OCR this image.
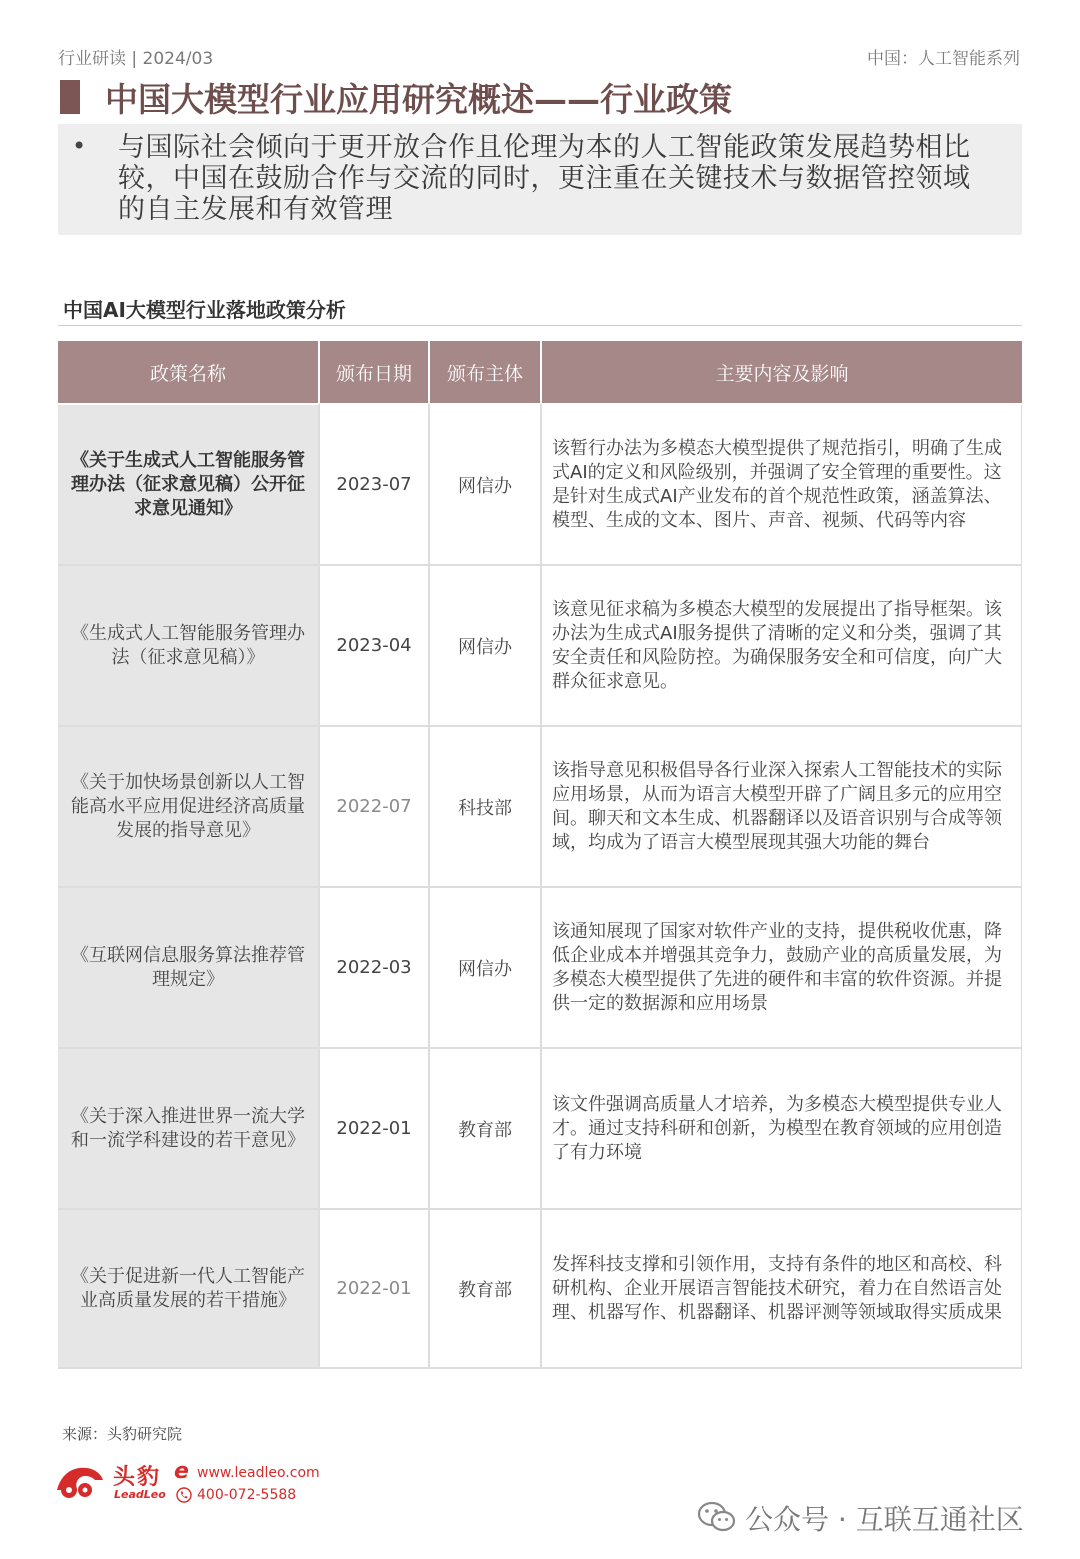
行业研读 | 2024/03	中国：人工智能系列
中国大模型行业应用研究概述——行业政策
• 与国际社会倾向于更开放合作且伦理为本的人工智能政策发展趋势相比较，中国在鼓励合作与交流的同时，更注重在关键技术与数据管控领域的自主发展和有效管理
中国AI大模型行业落地政策分析
政策名称	颁布日期	颁布主体	主要内容及影响
《关于生成式人工智能服务管理办法（征求意见稿）公开征求意见通知》	2023-07	网信办	该暂行办法为多模态大模型提供了规范指引，明确了生成式AI的定义和风险级别，并强调了安全管理的重要性。这是针对生成式AI产业发布的首个规范性政策，涵盖算法、模型、生成的文本、图片、声音、视频、代码等内容
《生成式人工智能服务管理办法（征求意见稿）》	2023-04	网信办	该意见征求稿为多模态大模型的发展提出了指导框架。该办法为生成式AI服务提供了清晰的定义和分类，强调了其安全责任和风险防控。为确保服务安全和可信度，向广大群众征求意见。
《关于加快场景创新以人工智能高水平应用促进经济高质量发展的指导意见》	2022-07	科技部	该指导意见积极倡导各行业深入探索人工智能技术的实际应用场景，从而为语言大模型开辟了广阔且多元的应用空间。聊天和文本生成、机器翻译以及语音识别与合成等领域，均成为了语言大模型展现其强大功能的舞台
《互联网信息服务算法推荐管理规定》	2022-03	网信办	该通知展现了国家对软件产业的支持，提供税收优惠，降低企业成本并增强其竞争力，鼓励产业的高质量发展，为多模态大模型提供了先进的硬件和丰富的软件资源。并提供一定的数据源和应用场景
《关于深入推进世界一流大学和一流学科建设的若干意见》	2022-01	教育部	该文件强调高质量人才培养，为多模态大模型提供专业人才。通过支持科研和创新，为模型在教育领域的应用创造了有力环境
《关于促进新一代人工智能产业高质量发展的若干措施》	2022-01	教育部	发挥科技支撑和引领作用，支持有条件的地区和高校、科研机构、企业开展语言智能技术研究，着力在自然语言处理、机器写作、机器翻译、机器评测等领域取得实质成果
来源：头豹研究院
头豹
LeadLeo
e www.leadleo.com
400-072-5588
公众号 · 互联互通社区
